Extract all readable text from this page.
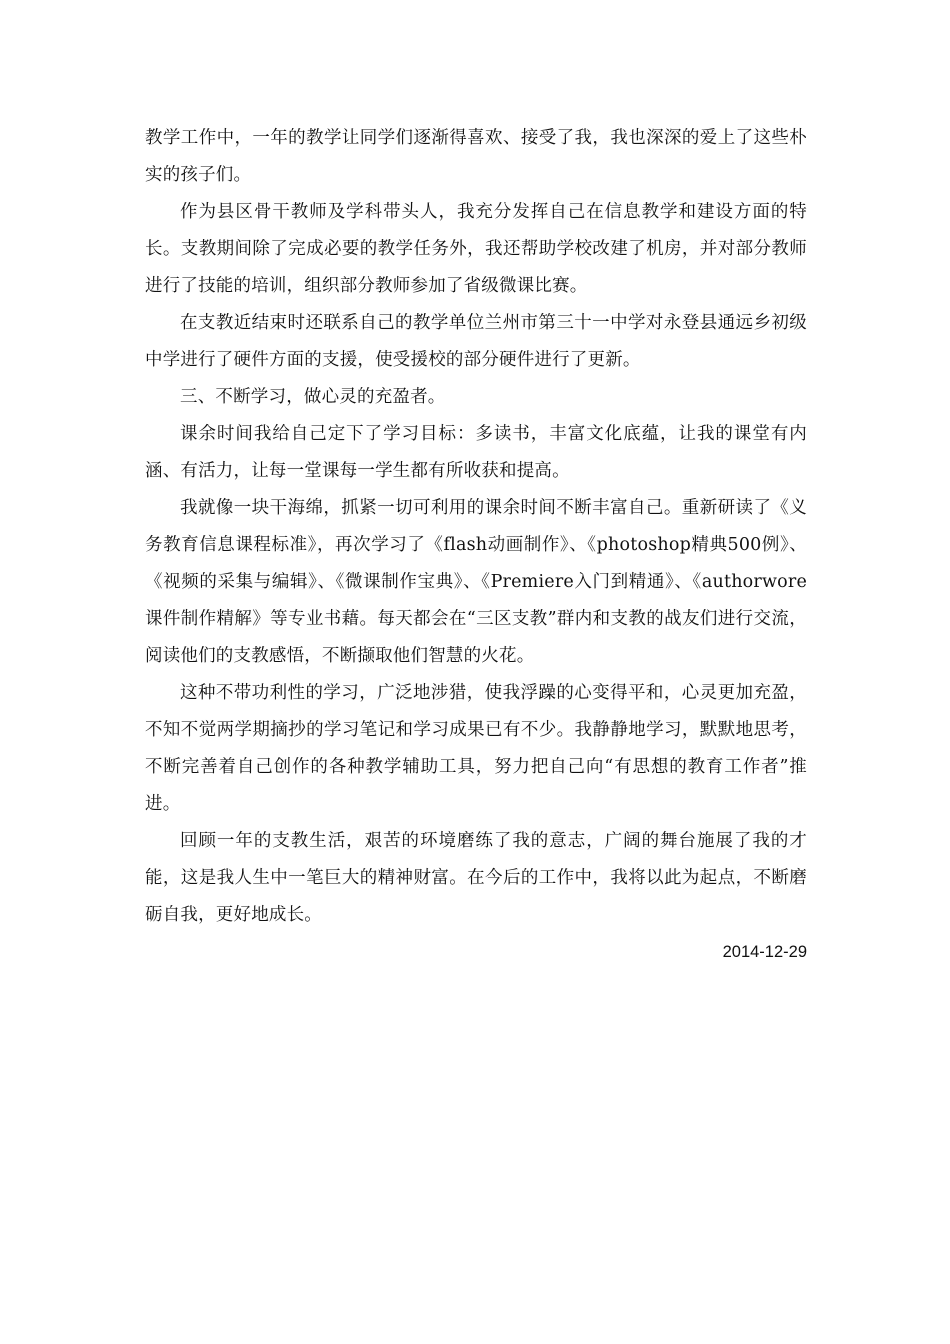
教学工作中，一年的教学让同学们逐渐得喜欢、接受了我，我也深深的爱上了这些朴实的孩子们。

作为县区骨干教师及学科带头人，我充分发挥自己在信息教学和建设方面的特长。支教期间除了完成必要的教学任务外，我还帮助学校改建了机房，并对部分教师进行了技能的培训，组织部分教师参加了省级微课比赛。

在支教近结束时还联系自己的教学单位兰州市第三十一中学对永登县通远乡初级中学进行了硬件方面的支援，使受援校的部分硬件进行了更新。

三、不断学习，做心灵的充盈者。

课余时间我给自己定下了学习目标：多读书，丰富文化底蕴，让我的课堂有内涵、有活力，让每一堂课每一学生都有所收获和提高。

我就像一块干海绵，抓紧一切可利用的课余时间不断丰富自己。重新研读了《义务教育信息课程标准》，再次学习了《flash动画制作》、《photoshop精典500例》、《视频的采集与编辑》、《微课制作宝典》、《Premiere入门到精通》、《authorwore课件制作精解》等专业书藉。每天都会在“三区支教”群内和支教的战友们进行交流，阅读他们的支教感悟，不断撷取他们智慧的火花。

这种不带功利性的学习，广泛地涉猎，使我浮躁的心变得平和，心灵更加充盈，不知不觉两学期摘抄的学习笔记和学习成果已有不少。我静静地学习，默默地思考，不断完善着自己创作的各种教学辅助工具，努力把自己向“有思想的教育工作者”推进。

回顾一年的支教生活，艰苦的环境磨练了我的意志，广阔的舞台施展了我的才能，这是我人生中一笔巨大的精神财富。在今后的工作中，我将以此为起点，不断磨砺自我，更好地成长。

2014-12-29
